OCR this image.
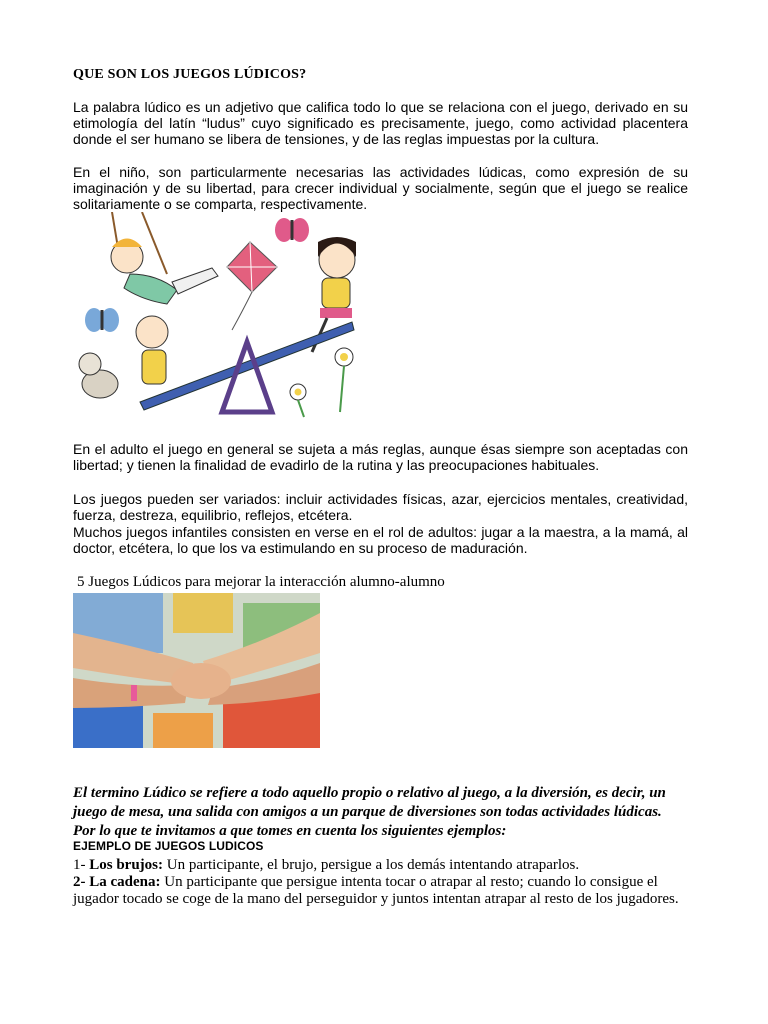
QUE SON LOS JUEGOS LÚDICOS?
La palabra lúdico es un adjetivo que califica todo lo que se relaciona con el juego, derivado en su etimología del latín “ludus” cuyo significado es precisamente, juego, como actividad placentera donde el ser humano se libera de tensiones, y de las reglas impuestas por la cultura.
En el niño, son particularmente necesarias las actividades lúdicas, como expresión de su imaginación y de su libertad, para crecer individual y socialmente, según que el juego se realice solitariamente o se comparta, respectivamente.
En el adulto el juego en general se sujeta a más reglas, aunque ésas siempre son aceptadas con libertad; y tienen la finalidad de evadirlo de la rutina y las preocupaciones habituales.
Los juegos pueden ser variados: incluir actividades físicas, azar, ejercicios mentales, creatividad, fuerza, destreza, equilibrio, reflejos, etcétera.
Muchos juegos infantiles consisten en verse en el rol de adultos: jugar a la maestra, a la mamá, al doctor, etcétera, lo que los va estimulando en su proceso de maduración.
5 Juegos Lúdicos para mejorar la interacción alumno-alumno
El termino Lúdico se refiere a todo aquello propio o relativo al juego, a la diversión, es decir, un juego de mesa, una salida con amigos a un parque de diversiones son todas actividades lúdicas. Por lo que te invitamos a que tomes en cuenta los siguientes ejemplos:
EJEMPLO DE JUEGOS LUDICOS
1- Los brujos: Un participante, el brujo, persigue a los demás intentando atraparlos.
2- La cadena: Un participante que persigue intenta tocar o atrapar al resto; cuando lo consigue el jugador tocado se coge de la mano del perseguidor y juntos intentan atrapar al resto de los jugadores.
